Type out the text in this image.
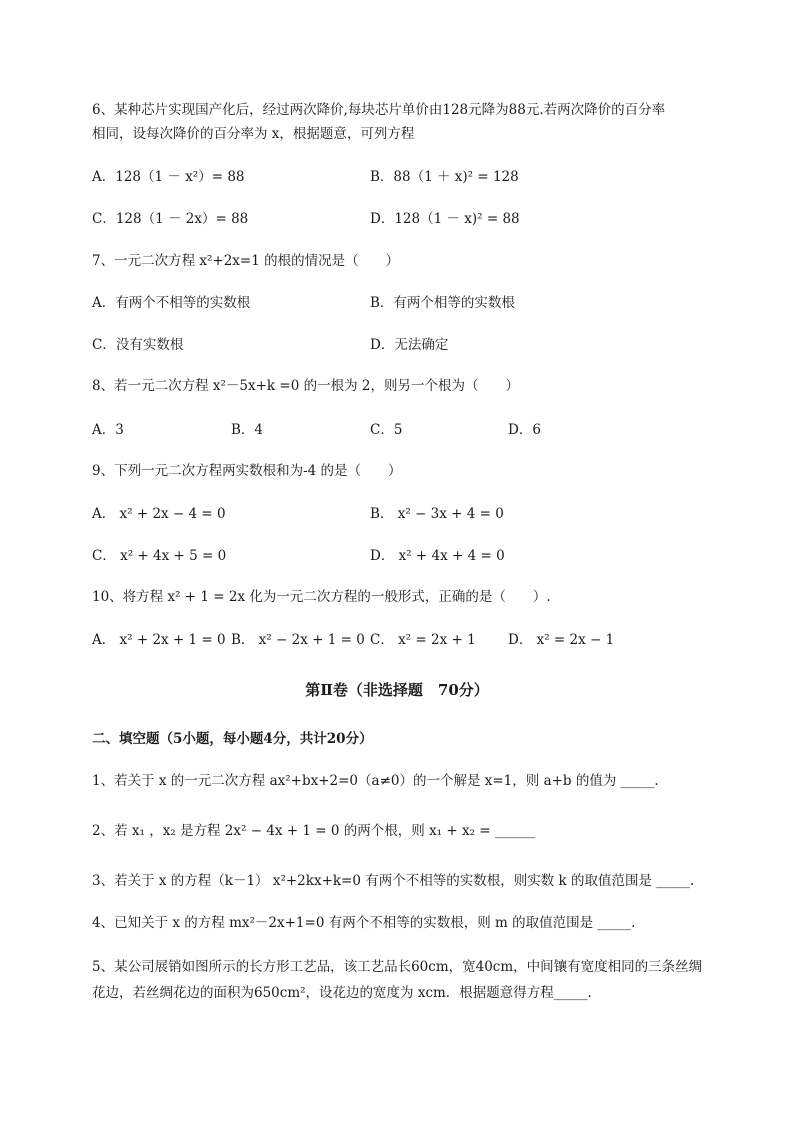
6、某种芯片实现国产化后，经过两次降价,每块芯片单价由128元降为88元.若两次降价的百分率
相同，设每次降价的百分率为 x，根据题意，可列方程
A．128（1 － x²）= 88	B．88（1 ＋ x)² = 128
C．128（1 － 2x）= 88	D．128（1 － x)² = 88
7、一元二次方程 x²+2x=1 的根的情况是（　　）
A．有两个不相等的实数根	B．有两个相等的实数根
C．没有实数根	D．无法确定
8、若一元二次方程 x²－5x+k =0 的一根为 2，则另一个根为（　　）
A．3	B．4	C．5	D．6
9、下列一元二次方程两实数根和为-4 的是（　　）
A． x² + 2x − 4 = 0	B． x² − 3x + 4 = 0
C． x² + 4x + 5 = 0	D． x² + 4x + 4 = 0
10、将方程 x² + 1 = 2x 化为一元二次方程的一般形式，正确的是（　　）.
A． x² + 2x + 1 = 0 B． x² − 2x + 1 = 0 C． x² = 2x + 1 D． x² = 2x − 1
第Ⅱ卷（非选择题　70分）
二、填空题（5小题，每小题4分，共计20分）
1、若关于 x 的一元二次方程 ax²+bx+2=0（a≠0）的一个解是 x=1，则 a+b 的值为 _____.
2、若 x₁ ，x₂ 是方程 2x² − 4x + 1 = 0 的两个根，则 x₁ + x₂ = ______
3、若关于 x 的方程（k－1） x²+2kx+k=0 有两个不相等的实数根，则实数 k 的取值范围是 _____.
4、已知关于 x 的方程 mx²－2x+1=0 有两个不相等的实数根，则 m 的取值范围是 _____.
5、某公司展销如图所示的长方形工艺品，该工艺品长60cm，宽40cm，中间镶有宽度相同的三条丝绸
花边，若丝绸花边的面积为650cm²，设花边的宽度为 xcm．根据题意得方程_____.
